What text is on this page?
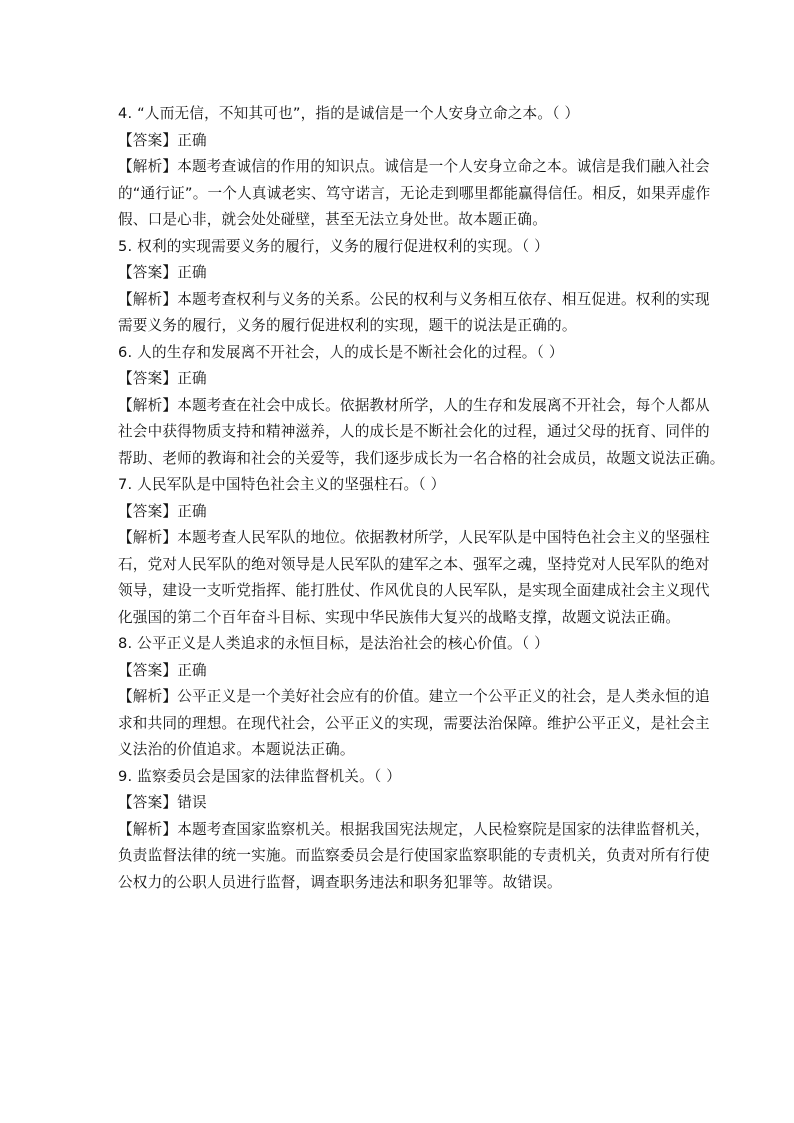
4. “人而无信，不知其可也”，指的是诚信是一个人安身立命之本。（ ）
【答案】正确
【解析】本题考查诚信的作用的知识点。诚信是一个人安身立命之本。诚信是我们融入社会
的“通行证”。一个人真诚老实、笃守诺言，无论走到哪里都能赢得信任。相反，如果弄虚作
假、口是心非，就会处处碰壁，甚至无法立身处世。故本题正确。
5. 权利的实现需要义务的履行，义务的履行促进权利的实现。（ ）
【答案】正确
【解析】本题考查权利与义务的关系。公民的权利与义务相互依存、相互促进。权利的实现
需要义务的履行，义务的履行促进权利的实现，题干的说法是正确的。
6. 人的生存和发展离不开社会，人的成长是不断社会化的过程。（ ）
【答案】正确
【解析】本题考查在社会中成长。依据教材所学，人的生存和发展离不开社会，每个人都从
社会中获得物质支持和精神滋养，人的成长是不断社会化的过程，通过父母的抚育、同伴的
帮助、老师的教诲和社会的关爱等，我们逐步成长为一名合格的社会成员，故题文说法正确。
7. 人民军队是中国特色社会主义的坚强柱石。（ ）
【答案】正确
【解析】本题考查人民军队的地位。依据教材所学，人民军队是中国特色社会主义的坚强柱
石，党对人民军队的绝对领导是人民军队的建军之本、强军之魂，坚持党对人民军队的绝对
领导，建设一支听党指挥、能打胜仗、作风优良的人民军队，是实现全面建成社会主义现代
化强国的第二个百年奋斗目标、实现中华民族伟大复兴的战略支撑，故题文说法正确。
8. 公平正义是人类追求的永恒目标，是法治社会的核心价值。（ ）
【答案】正确
【解析】公平正义是一个美好社会应有的价值。建立一个公平正义的社会，是人类永恒的追
求和共同的理想。在现代社会，公平正义的实现，需要法治保障。维护公平正义，是社会主
义法治的价值追求。本题说法正确。
9. 监察委员会是国家的法律监督机关。（ ）
【答案】错误
【解析】本题考查国家监察机关。根据我国宪法规定，人民检察院是国家的法律监督机关，
负责监督法律的统一实施。而监察委员会是行使国家监察职能的专责机关，负责对所有行使
公权力的公职人员进行监督，调查职务违法和职务犯罪等。故错误。
